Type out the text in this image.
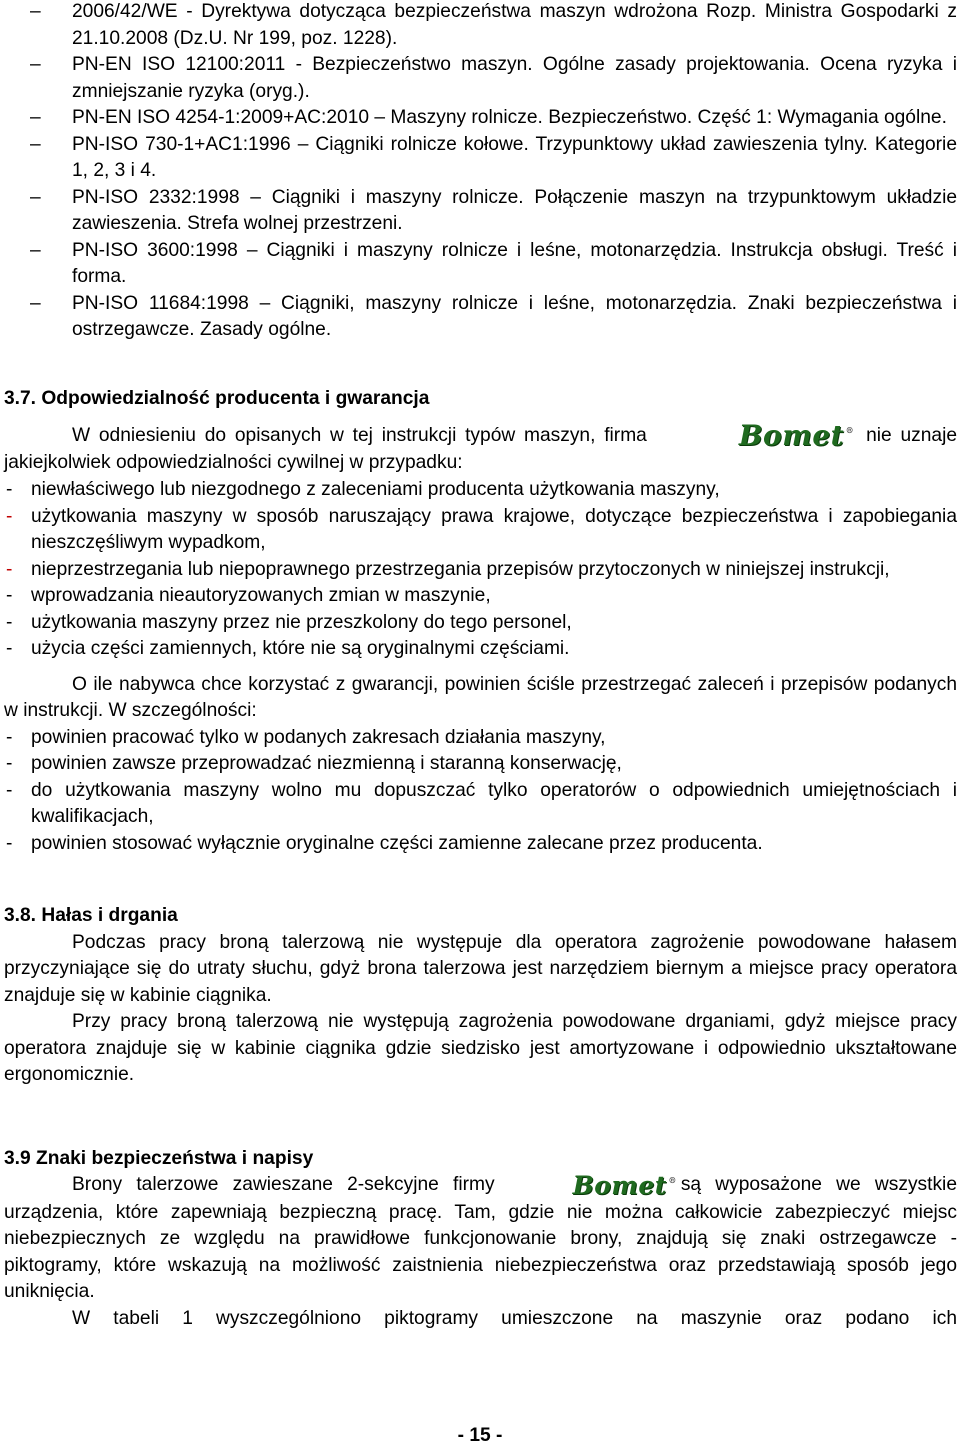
– 2006/42/WE - Dyrektywa dotycząca bezpieczeństwa maszyn wdrożona Rozp. Ministra Gospodarki z 21.10.2008 (Dz.U. Nr 199, poz. 1228).
– PN-EN ISO 12100:2011 - Bezpieczeństwo maszyn. Ogólne zasady projektowania. Ocena ryzyka i zmniejszanie ryzyka (oryg.).
– PN-EN ISO 4254-1:2009+AC:2010 – Maszyny rolnicze. Bezpieczeństwo. Część 1: Wymagania ogólne.
– PN-ISO 730-1+AC1:1996 – Ciągniki rolnicze kołowe. Trzypunktowy układ zawieszenia tylny. Kategorie 1, 2, 3 i 4.
– PN-ISO 2332:1998 – Ciągniki i maszyny rolnicze. Połączenie maszyn na trzypunktowym układzie zawieszenia. Strefa wolnej przestrzeni.
– PN-ISO 3600:1998 – Ciągniki i maszyny rolnicze i leśne, motonarzędzia. Instrukcja obsługi. Treść i forma.
– PN-ISO 11684:1998 – Ciągniki, maszyny rolnicze i leśne, motonarzędzia. Znaki bezpieczeństwa i ostrzegawcze. Zasady ogólne.
3.7. Odpowiedzialność producenta i gwarancja

W odniesieniu do opisanych w tej instrukcji typów maszyn, firma	Bomet ® nie uznaje jakiejkolwiek odpowiedzialności cywilnej w przypadku:

- niewłaściwego lub niezgodnego z zaleceniami producenta użytkowania maszyny,
- użytkowania maszyny w sposób naruszający prawa krajowe, dotyczące bezpieczeństwa i zapobiegania nieszczęśliwym wypadkom,
- nieprzestrzegania lub niepoprawnego przestrzegania przepisów przytoczonych w niniejszej instrukcji,
- wprowadzania nieautoryzowanych zmian w maszynie,
- użytkowania maszyny przez nie przeszkolony do tego personel,
- użycia części zamiennych, które nie są oryginalnymi częściami.

O ile nabywca chce korzystać z gwarancji, powinien ściśle przestrzegać zaleceń i przepisów podanych w instrukcji. W szczególności:

- powinien pracować tylko w podanych zakresach działania maszyny,
- powinien zawsze przeprowadzać niezmienną i staranną konserwację,
- do użytkowania maszyny wolno mu dopuszczać tylko operatorów o odpowiednich umiejętnościach i kwalifikacjach,
- powinien stosować wyłącznie oryginalne części zamienne zalecane przez producenta.
3.8. Hałas i drgania

Podczas pracy broną talerzową nie występuje dla operatora zagrożenie powodowane hałasem przyczyniające się do utraty słuchu, gdyż brona talerzowa jest narzędziem biernym a miejsce pracy operatora znajduje się w kabinie ciągnika.

Przy pracy broną talerzową nie występują zagrożenia powodowane drganiami, gdyż miejsce pracy operatora znajduje się w kabinie ciągnika gdzie siedzisko jest amortyzowane i odpowiednio ukształtowane ergonomicznie.

3.9 Znaki bezpieczeństwa i napisy

Brony talerzowe zawieszane 2-sekcyjne firmy	Bomet ® są wyposażone we wszystkie urządzenia, które zapewniają bezpieczną pracę. Tam, gdzie nie można całkowicie zabezpieczyć miejsc niebezpiecznych ze względu na prawidłowe funkcjonowanie brony, znajdują się znaki ostrzegawcze - piktogramy, które wskazują na możliwość zaistnienia niebezpieczeństwa oraz przedstawiają sposób jego uniknięcia.

W tabeli 1 wyszczególniono piktogramy umieszczone na maszynie oraz podano ich

- 15 -
